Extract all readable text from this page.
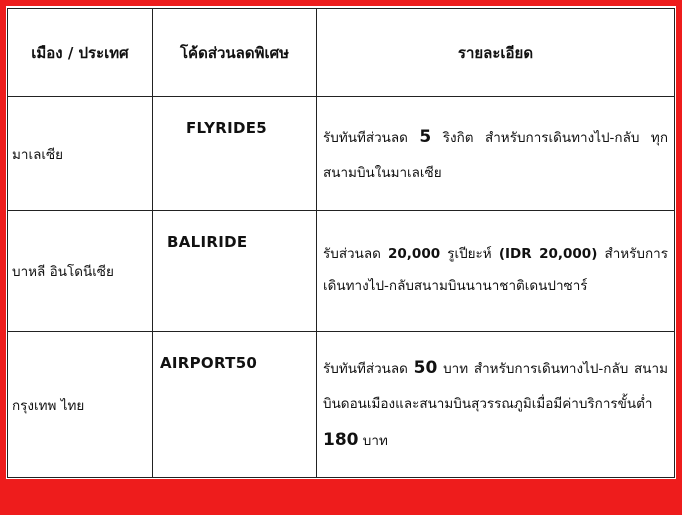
เมือง / ประเทศ	โค้ดส่วนลดพิเศษ	รายละเอียด
มาเลเซีย	FLYRIDE5	รับทันทีส่วนลด 5 ริงกิต สำหรับการเดินทางไป-กลับ ทุกสนามบินในมาเลเซีย
บาหลี อินโดนีเซีย	BALIRIDE	รับส่วนลด 20,000 รูเปียะห์ (IDR 20,000) สำหรับการเดินทางไป-กลับสนามบินนานาชาติเดนปาซาร์
กรุงเทพ ไทย	AIRPORT50	รับทันทีส่วนลด 50 บาท สำหรับการเดินทางไป-กลับ สนามบินดอนเมืองและสนามบินสุวรรณภูมิเมื่อมีค่าบริการขั้นต่ำ 180 บาท
